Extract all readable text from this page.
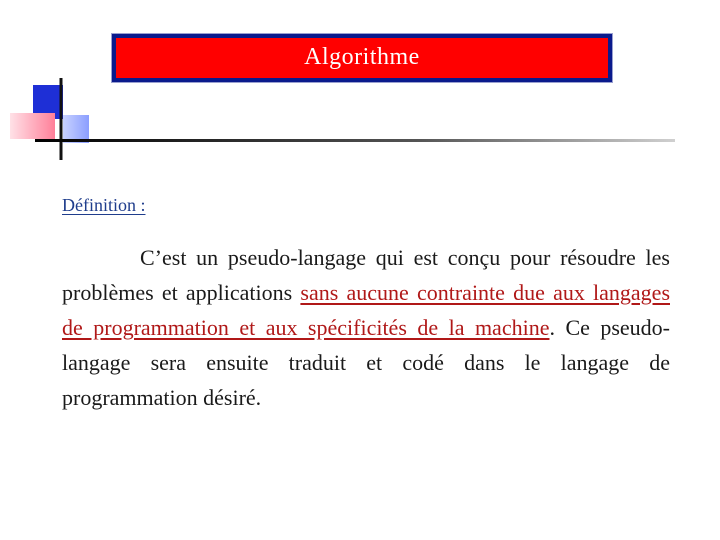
Algorithme
Définition :

C’est un pseudo-langage qui est conçu pour résoudre les problèmes et applications sans aucune contrainte due aux langages de programmation et aux spécificités de la machine. Ce pseudo-langage sera ensuite traduit et codé dans le langage de programmation désiré.
